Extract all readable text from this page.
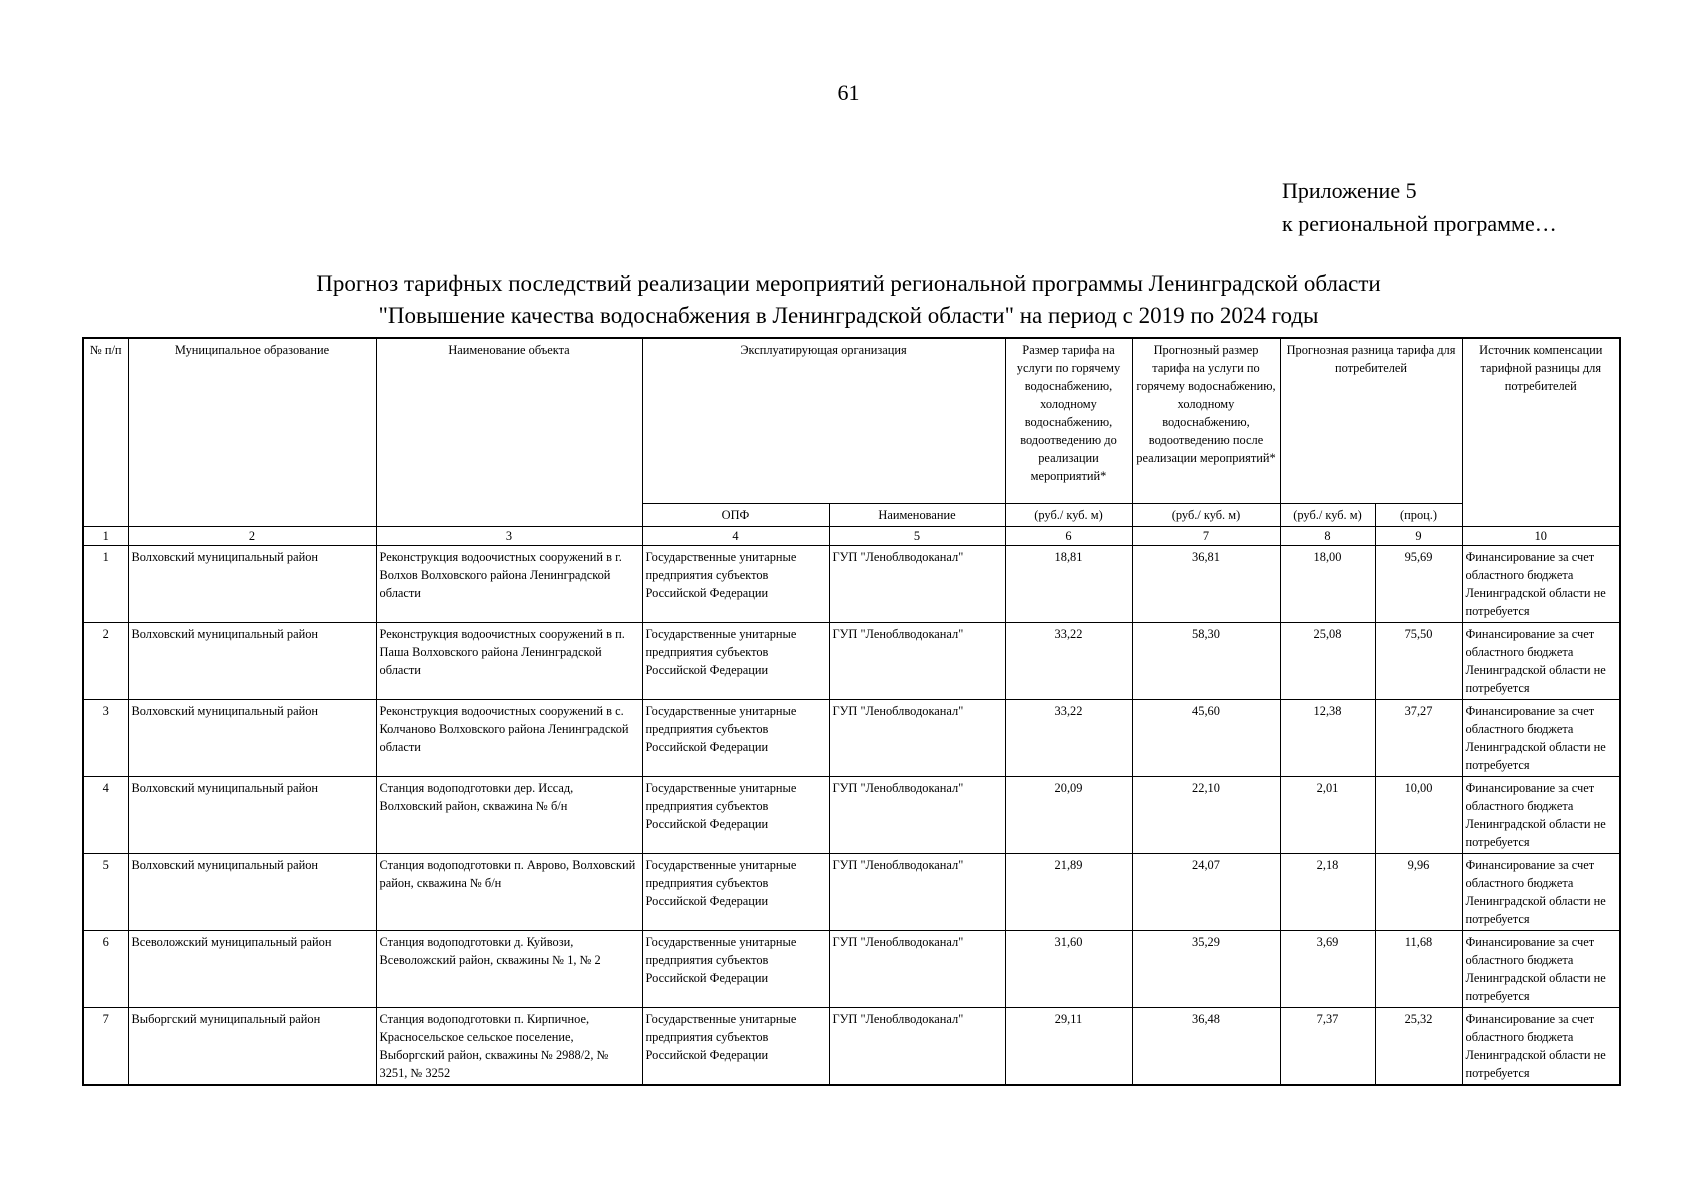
61
Приложение 5
к региональной программе…
Прогноз тарифных последствий реализации мероприятий региональной программы Ленинградской области
"Повышение качества водоснабжения в Ленинградской области" на период с 2019 по 2024 годы
№ п/п	Муниципальное образование	Наименование объекта	Эксплуатирующая организация		Размер тарифа на услуги по горячему водоснабжению, холодному водоснабжению, водоотведению до реализации мероприятий*	Прогнозный размер тарифа на услуги по горячему водоснабжению, холодному водоснабжению, водоотведению после реализации мероприятий*	Прогнозная разница тарифа для потребителей		Источник компенсации тарифной разницы для потребителей
			ОПФ	Наименование	(руб./ куб. м)	(руб./ куб. м)	(руб./ куб. м)	(проц.)	
1	2	3	4	5	6	7	8	9	10
1	Волховский муниципальный район	Реконструкция водоочистных сооружений в г. Волхов Волховского района Ленинградской области	Государственные унитарные предприятия субъектов Российской Федерации	ГУП "Леноблводоканал"	18,81	36,81	18,00	95,69	Финансирование за счет областного бюджета Ленинградской области не потребуется
2	Волховский муниципальный район	Реконструкция водоочистных сооружений в п. Паша Волховского района Ленинградской области	Государственные унитарные предприятия субъектов Российской Федерации	ГУП "Леноблводоканал"	33,22	58,30	25,08	75,50	Финансирование за счет областного бюджета Ленинградской области не потребуется
3	Волховский муниципальный район	Реконструкция водоочистных сооружений в с. Колчаново Волховского района Ленинградской области	Государственные унитарные предприятия субъектов Российской Федерации	ГУП "Леноблводоканал"	33,22	45,60	12,38	37,27	Финансирование за счет областного бюджета Ленинградской области не потребуется
4	Волховский муниципальный район	Станция водоподготовки дер. Иссад, Волховский район, скважина № б/н	Государственные унитарные предприятия субъектов Российской Федерации	ГУП "Леноблводоканал"	20,09	22,10	2,01	10,00	Финансирование за счет областного бюджета Ленинградской области не потребуется
5	Волховский муниципальный район	Станция водоподготовки п. Аврово, Волховский район, скважина № б/н	Государственные унитарные предприятия субъектов Российской Федерации	ГУП "Леноблводоканал"	21,89	24,07	2,18	9,96	Финансирование за счет областного бюджета Ленинградской области не потребуется
6	Всеволожский муниципальный район	Станция водоподготовки д. Куйвози, Всеволожский район, скважины № 1, № 2	Государственные унитарные предприятия субъектов Российской Федерации	ГУП "Леноблводоканал"	31,60	35,29	3,69	11,68	Финансирование за счет областного бюджета Ленинградской области не потребуется
7	Выборгский муниципальный район	Станция водоподготовки п. Кирпичное, Красносельское сельское поселение, Выборгский район, скважины № 2988/2, № 3251, № 3252	Государственные унитарные предприятия субъектов Российской Федерации	ГУП "Леноблводоканал"	29,11	36,48	7,37	25,32	Финансирование за счет областного бюджета Ленинградской области не потребуется
